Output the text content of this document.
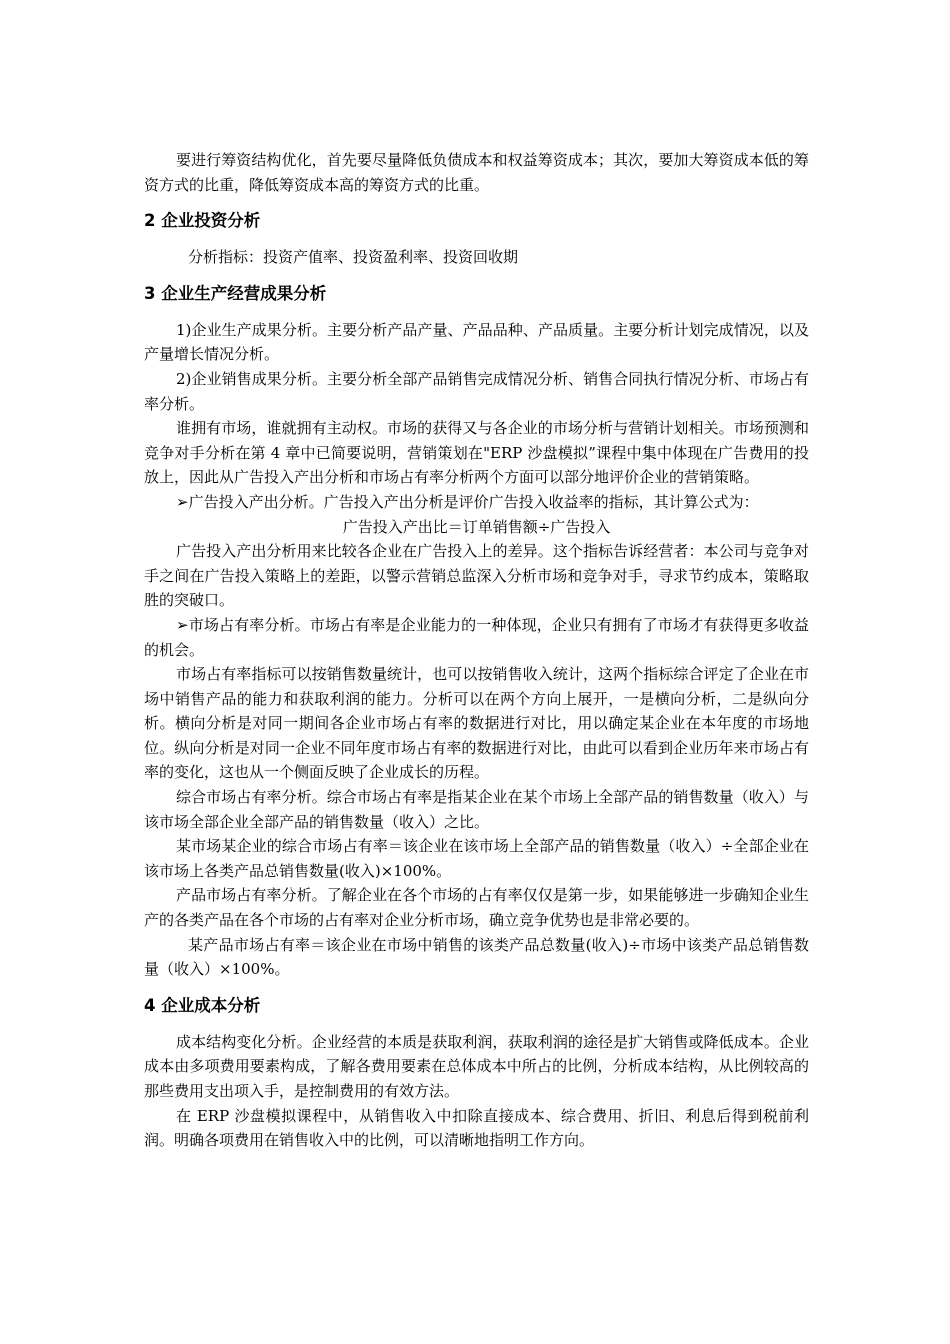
要进行筹资结构优化，首先要尽量降低负债成本和权益筹资成本；其次，要加大筹资成本低的筹资方式的比重，降低筹资成本高的筹资方式的比重。

2 企业投资分析

分析指标：投资产值率、投资盈利率、投资回收期

3 企业生产经营成果分析

1)企业生产成果分析。主要分析产品产量、产品品种、产品质量。主要分析计划完成情况，以及产量增长情况分析。

2)企业销售成果分析。主要分析全部产品销售完成情况分析、销售合同执行情况分析、市场占有率分析。

谁拥有市场，谁就拥有主动权。市场的获得又与各企业的市场分析与营销计划相关。市场预测和竞争对手分析在第 4 章中已简要说明，营销策划在"ERP 沙盘模拟”课程中集中体现在广告费用的投放上，因此从广告投入产出分析和市场占有率分析两个方面可以部分地评价企业的营销策略。

➢广告投入产出分析。广告投入产出分析是评价广告投入收益率的指标，其计算公式为：

广告投入产出比＝订单销售额÷广告投入

广告投入产出分析用来比较各企业在广告投入上的差异。这个指标告诉经营者：本公司与竞争对手之间在广告投入策略上的差距，以警示营销总监深入分析市场和竞争对手，寻求节约成本，策略取胜的突破口。

➢市场占有率分析。市场占有率是企业能力的一种体现，企业只有拥有了市场才有获得更多收益的机会。

市场占有率指标可以按销售数量统计，也可以按销售收入统计，这两个指标综合评定了企业在市场中销售产品的能力和获取利润的能力。分析可以在两个方向上展开，一是横向分析，二是纵向分析。横向分析是对同一期间各企业市场占有率的数据进行对比，用以确定某企业在本年度的市场地位。纵向分析是对同一企业不同年度市场占有率的数据进行对比，由此可以看到企业历年来市场占有率的变化，这也从一个侧面反映了企业成长的历程。

综合市场占有率分析。综合市场占有率是指某企业在某个市场上全部产品的销售数量（收入）与该市场全部企业全部产品的销售数量（收入）之比。

某市场某企业的综合市场占有率＝该企业在该市场上全部产品的销售数量（收入）÷全部企业在该市场上各类产品总销售数量(收入)×100%。

产品市场占有率分析。了解企业在各个市场的占有率仅仅是第一步，如果能够进一步确知企业生产的各类产品在各个市场的占有率对企业分析市场，确立竞争优势也是非常必要的。

某产品市场占有率＝该企业在市场中销售的该类产品总数量(收入)÷市场中该类产品总销售数量（收入）×100%。

4 企业成本分析

成本结构变化分析。企业经营的本质是获取利润，获取利润的途径是扩大销售或降低成本。企业成本由多项费用要素构成，了解各费用要素在总体成本中所占的比例，分析成本结构，从比例较高的那些费用支出项入手，是控制费用的有效方法。

在 ERP 沙盘模拟课程中，从销售收入中扣除直接成本、综合费用、折旧、利息后得到税前利润。明确各项费用在销售收入中的比例，可以清晰地指明工作方向。
